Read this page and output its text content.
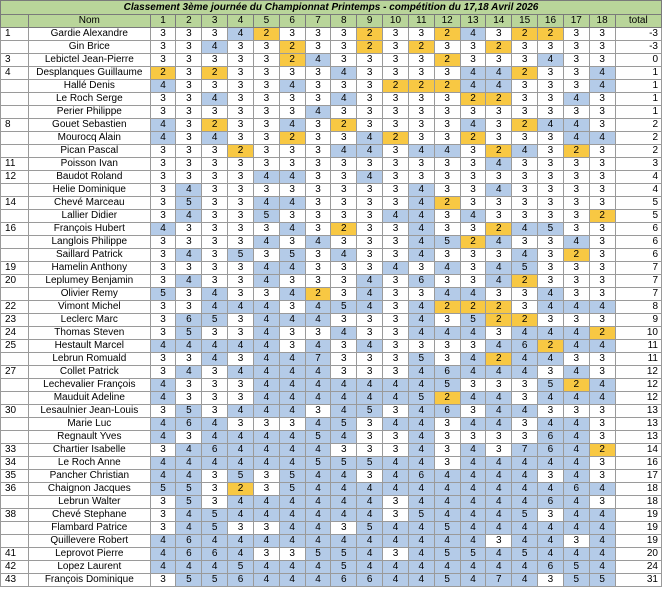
Classement 3ème journée du Championnat Printemps - compétition du 17,18 Avril 2026																				
	Nom	1	2	3	4	5	6	7	8	9	10	11	12	13	14	15	16	17	18	total
1	Gardie Alexandre	3	3	3	4	2	3	3	3	2	3	3	2	4	3	2	2	3	3	-3
	Gin Brice	3	3	4	3	3	2	3	3	2	3	2	3	3	2	3	3	3	3	-3
3	Lebictel Jean-Pierre	3	3	3	3	3	2	4	3	3	3	3	2	3	3	3	4	3	3	0
4	Desplanques Guillaume	2	3	2	3	3	3	3	4	3	3	3	3	4	4	2	3	3	4	1
	Hallé Denis	4	3	3	3	3	4	3	3	3	2	2	2	4	4	3	3	3	4	1
	Le Roch Serge	3	3	4	3	3	3	3	4	3	3	3	3	2	2	3	3	4	3	1
	Perier Philippe	3	3	3	3	3	3	4	3	3	3	3	3	3	3	3	3	3	3	1
8	Gouet Sebastien	4	3	2	3	3	4	3	2	3	3	3	3	4	3	2	4	4	3	2
	Mourocq Alain	4	3	4	3	3	2	3	3	4	2	3	3	2	3	3	3	4	4	2
	Pican Pascal	3	3	3	2	3	3	3	4	4	3	4	4	3	2	4	3	2	3	2
11	Poisson Ivan	3	3	3	3	3	3	3	3	3	3	3	3	3	4	3	3	3	3	3
12	Baudot Roland	3	3	3	3	4	4	3	3	4	3	3	3	3	3	3	3	3	3	4
	Helie Dominique	3	4	3	3	3	3	3	3	3	3	4	3	3	4	3	3	3	3	4
14	Chevé Marceau	3	5	3	3	4	4	3	3	3	3	4	2	3	3	3	3	3	3	5
	Lallier Didier	3	4	3	3	5	3	3	3	3	4	4	3	4	3	3	3	3	2	5
16	François Hubert	4	3	3	3	3	4	3	2	3	3	4	3	3	2	4	5	3	3	6
	Langlois Philippe	3	3	3	3	4	3	4	3	3	3	4	5	2	4	3	3	4	3	6
	Saillard Patrick	3	4	3	5	3	5	3	4	3	3	4	3	3	3	4	3	2	3	6
19	Hamelin Anthony	3	3	3	3	4	4	3	3	3	4	3	4	3	4	5	3	3	3	7
20	Leplumey Benjamin	3	4	3	3	4	3	3	3	4	3	6	3	3	4	2	3	3	3	7
	Olivier Remy	5	3	4	3	3	4	2	3	4	3	3	4	4	3	3	4	3	3	7
22	Vimont Michel	3	3	4	4	4	3	4	5	4	3	4	2	2	2	3	4	4	4	8
23	Leclerc Marc	3	6	5	3	4	4	4	3	3	3	4	3	5	2	2	3	3	3	9
24	Thomas Steven	3	5	3	3	4	3	3	4	3	3	4	4	4	3	4	4	4	2	10
25	Hestault Marcel	4	4	4	4	4	3	4	3	4	3	3	3	3	4	6	2	4	4	11
	Lebrun Romuald	3	3	4	3	4	4	7	3	3	3	5	3	4	2	4	4	3	3	11
27	Collet Patrick	3	4	3	4	4	4	4	3	3	3	4	6	4	4	4	3	4	3	12
	Lechevalier François	4	3	3	3	4	4	4	4	4	4	4	5	3	3	3	5	2	4	12
	Mauduit Adeline	4	3	3	3	4	4	4	4	4	4	5	2	4	4	3	4	4	4	12
30	Lesaulnier Jean-Louis	3	5	3	4	4	4	3	4	5	3	4	6	3	4	4	3	3	3	13
	Marie Luc	4	6	4	3	3	3	4	5	3	4	4	3	4	4	3	4	4	3	13
	Regnault Yves	4	3	4	4	4	4	5	4	3	3	4	3	3	3	3	6	4	3	13
33	Chartier Isabelle	3	4	6	4	4	4	4	3	3	3	4	3	4	3	7	6	4	2	14
34	Le Roch Anne	4	4	4	4	4	4	5	5	5	4	4	3	4	4	4	4	4	3	16
35	Pancher Christian	4	4	3	5	3	5	4	4	3	4	6	4	4	4	4	3	4	3	17
36	Chaignon Jacques	5	5	3	2	3	5	4	4	4	4	4	4	4	4	4	4	6	4	18
	Lebrun Walter	3	5	3	4	4	4	4	4	4	3	4	4	4	4	4	6	4	3	18
38	Chevé Stephane	3	4	5	4	4	4	4	4	4	3	5	4	4	4	5	3	4	4	19
	Flambard Patrice	3	4	5	3	3	4	4	3	5	4	4	5	4	4	4	4	4	4	19
	Quillevere Robert	4	6	4	4	4	4	4	4	4	4	4	4	4	3	4	4	3	4	19
41	Leprovot Pierre	4	6	6	4	3	3	5	5	4	3	4	5	5	4	5	4	4	4	20
42	Lopez Laurent	4	4	4	5	4	4	4	5	4	4	4	4	4	4	4	6	5	4	24
43	François Dominique	3	5	5	6	4	4	4	6	6	4	4	5	4	7	4	3	5	5	31
